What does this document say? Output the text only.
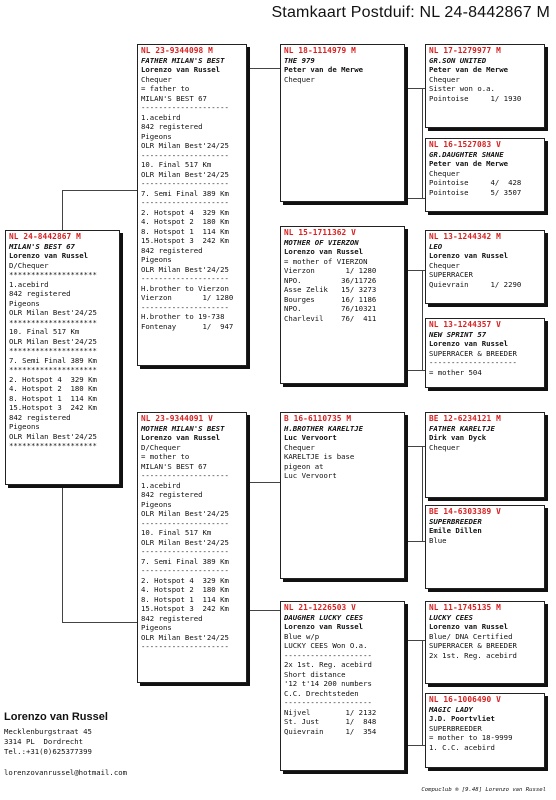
Stamkaart Postduif: NL 24-8442867 M
NL 24-8442867 M
MILAN'S BEST 67
Lorenzo van Russel
D/Chequer
********************
1.acebird
842 registered
Pigeons
OLR Milan Best'24/25
********************
10. Final 517 Km
OLR Milan Best'24/25
********************
7. Semi Final 389 Km
********************
2. Hotspot 4  329 Km
4. Hotspot 2  180 Km
8. Hotspot 1  114 Km
15.Hotspot 3  242 Km
842 registered
Pigeons
OLR Milan Best'24/25
********************
NL 23-9344098 M
FATHER MILAN'S BEST
Lorenzo van Russel
Chequer
= father to
MILAN'S BEST 67
--------------------
1.acebird
842 registered
Pigeons
OLR Milan Best'24/25
--------------------
10. Final 517 Km
OLR Milan Best'24/25
--------------------
7. Semi Final 389 Km
--------------------
2. Hotspot 4  329 Km
4. Hotspot 2  180 Km
8. Hotspot 1  114 Km
15.Hotspot 3  242 Km
842 registered
Pigeons
OLR Milan Best'24/25
--------------------
H.brother to Vierzon
Vierzon       1/ 1280
--------------------
H.brother to 19-738
Fontenay      1/  947
NL 23-9344091 V
MOTHER MILAN'S BEST
Lorenzo van Russel
D/Chequer
= mother to
MILAN'S BEST 67
--------------------
1.acebird
842 registered
Pigeons
OLR Milan Best'24/25
--------------------
10. Final 517 Km
OLR Milan Best'24/25
--------------------
7. Semi Final 389 Km
--------------------
2. Hotspot 4  329 Km
4. Hotspot 2  180 Km
8. Hotspot 1  114 Km
15.Hotspot 3  242 Km
842 registered
Pigeons
OLR Milan Best'24/25
--------------------
NL 18-1114979 M
THE 979
Peter van de Merwe
Chequer
NL 15-1711362 V
MOTHER OF VIERZON
Lorenzo van Russel
= mother of VIERZON
Vierzon       1/ 1280
NPO.         36/11726
Asse Zelik   15/ 3273
Bourges      16/ 1186
NPO.         76/10321
Charlevil    76/  411
B 16-6110735 M
H.BROTHER KARELTJE
Luc Vervoort
Chequer
KARELTJE is base
pigeon at
Luc Vervoort
NL 21-1226503 V
DAUGHER LUCKY CEES
Lorenzo van Russel
Blue w/p
LUCKY CEES Won O.a.
--------------------
2x 1st. Reg. acebird
Short distance
'12 t'14 200 numbers
C.C. Drechtsteden
--------------------
Nijvel        1/ 2132
St. Just      1/  848
Quievrain     1/  354
NL 17-1279977 M
GR.SON UNITED
Peter van de Merwe
Chequer
Sister won o.a.
Pointoise     1/ 1930
NL 16-1527083 V
GR.DAUGHTER SHANE
Peter van de Merwe
Chequer
Pointoise     4/  428
Pointoise     5/ 3507
NL 13-1244342 M
LEO
Lorenzo van Russel
Chequer
SUPERRACER
Quievrain     1/ 2290
NL 13-1244357 V
NEW SPRINT 57
Lorenzo van Russel
SUPERRACER & BREEDER
--------------------
= mother 504
BE 12-6234121 M
FATHER KARELTJE
Dirk van Dyck
Chequer
BE 14-6303389 V
SUPERBREEDER
Emile Dillen
Blue
NL 11-1745135 M
LUCKY CEES
Lorenzo van Russel
Blue/ DNA Certified
SUPERRACER & BREEDER
2x 1st. Reg. acebird
NL 16-1006490 V
MAGIC LADY
J.D. Poortvliet
SUPERBREEDER
= mother to 18-9999
1. C.C. acebird
Lorenzo van Russel
Mecklenburgstraat 45
3314 PL  Dordrecht
Tel.:+31(0)625377399
lorenzovanrussel@hotmail.com
Compuclub ® [9.48] Lorenzo van Russel
